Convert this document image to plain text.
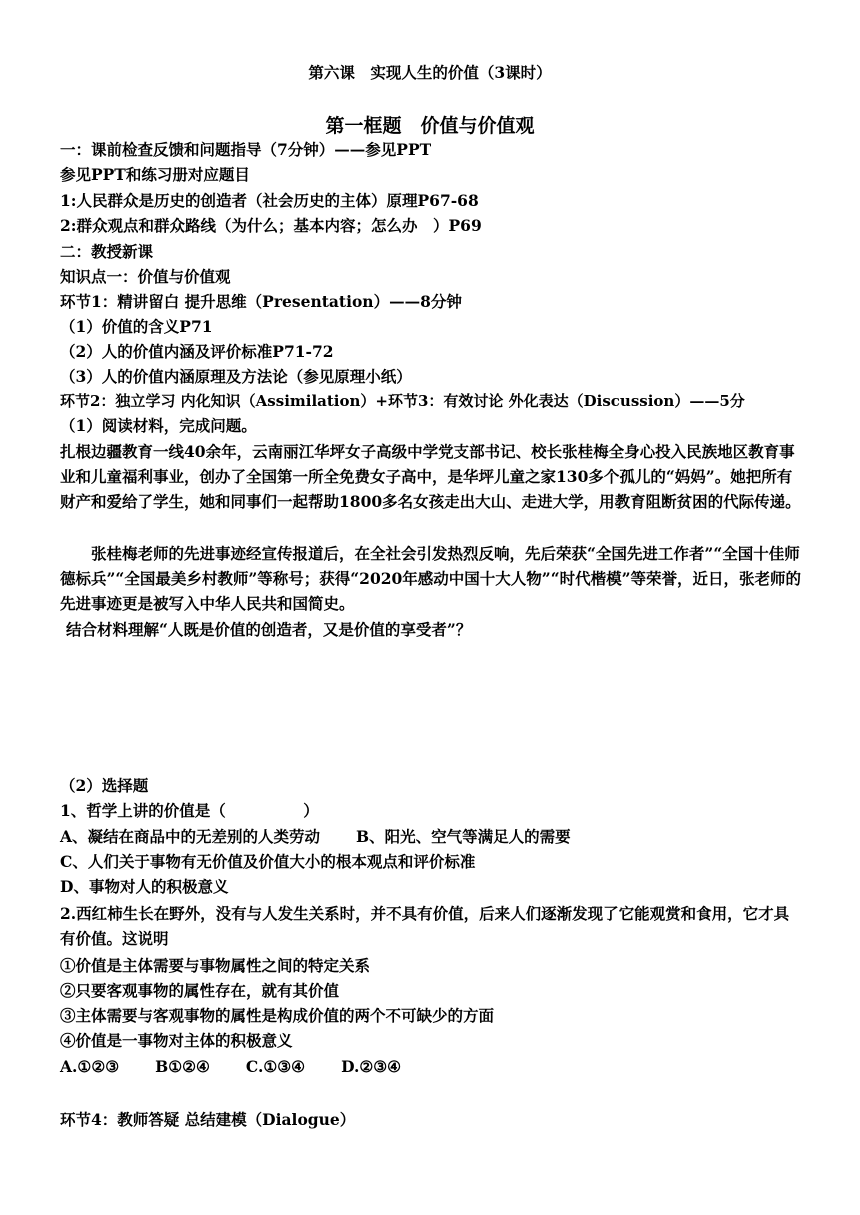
第六课　实现人生的价值（3课时）
第一框题　价值与价值观
一：课前检查反馈和问题指导（7分钟）——参见PPT
参见PPT和练习册对应题目
1:人民群众是历史的创造者（社会历史的主体）原理P67-68
2:群众观点和群众路线（为什么；基本内容；怎么办　）P69
二：教授新课
知识点一：价值与价值观
环节1：精讲留白 提升思维（Presentation）——8分钟
（1）价值的含义P71
（2）人的价值内涵及评价标准P71-72
（3）人的价值内涵原理及方法论（参见原理小纸）
环节2：独立学习 内化知识（Assimilation）+环节3：有效讨论 外化表达（Discussion）——5分
（1）阅读材料，完成问题。
扎根边疆教育一线40余年，云南丽江华坪女子高级中学党支部书记、校长张桂梅全身心投入民族地区教育事业和儿童福利事业，创办了全国第一所全免费女子高中，是华坪儿童之家130多个孤儿的“妈妈”。她把所有财产和爱给了学生，她和同事们一起帮助1800多名女孩走出大山、走进大学，用教育阻断贫困的代际传递。
张桂梅老师的先进事迹经宣传报道后，在全社会引发热烈反响，先后荣获“全国先进工作者”“全国十佳师德标兵”“全国最美乡村教师”等称号；获得“2020年感动中国十大人物”“时代楷模”等荣誉，近日，张老师的先进事迹更是被写入中华人民共和国简史。
结合材料理解“人既是价值的创造者，又是价值的享受者”？
（2）选择题
1、哲学上讲的价值是（　　　　　）
A、凝结在商品中的无差别的人类劳动 B、阳光、空气等满足人的需要
C、人们关于事物有无价值及价值大小的根本观点和评价标准
D、事物对人的积极意义
2.西红柿生长在野外，没有与人发生关系时，并不具有价值，后来人们逐渐发现了它能观赏和食用，它才具有价值。这说明
①价值是主体需要与事物属性之间的特定关系
②只要客观事物的属性存在，就有其价值
③主体需要与客观事物的属性是构成价值的两个不可缺少的方面
④价值是一事物对主体的积极意义
A.①②③ B①②④ C.①③④ D.②③④
环节4：教师答疑 总结建模（Dialogue）
